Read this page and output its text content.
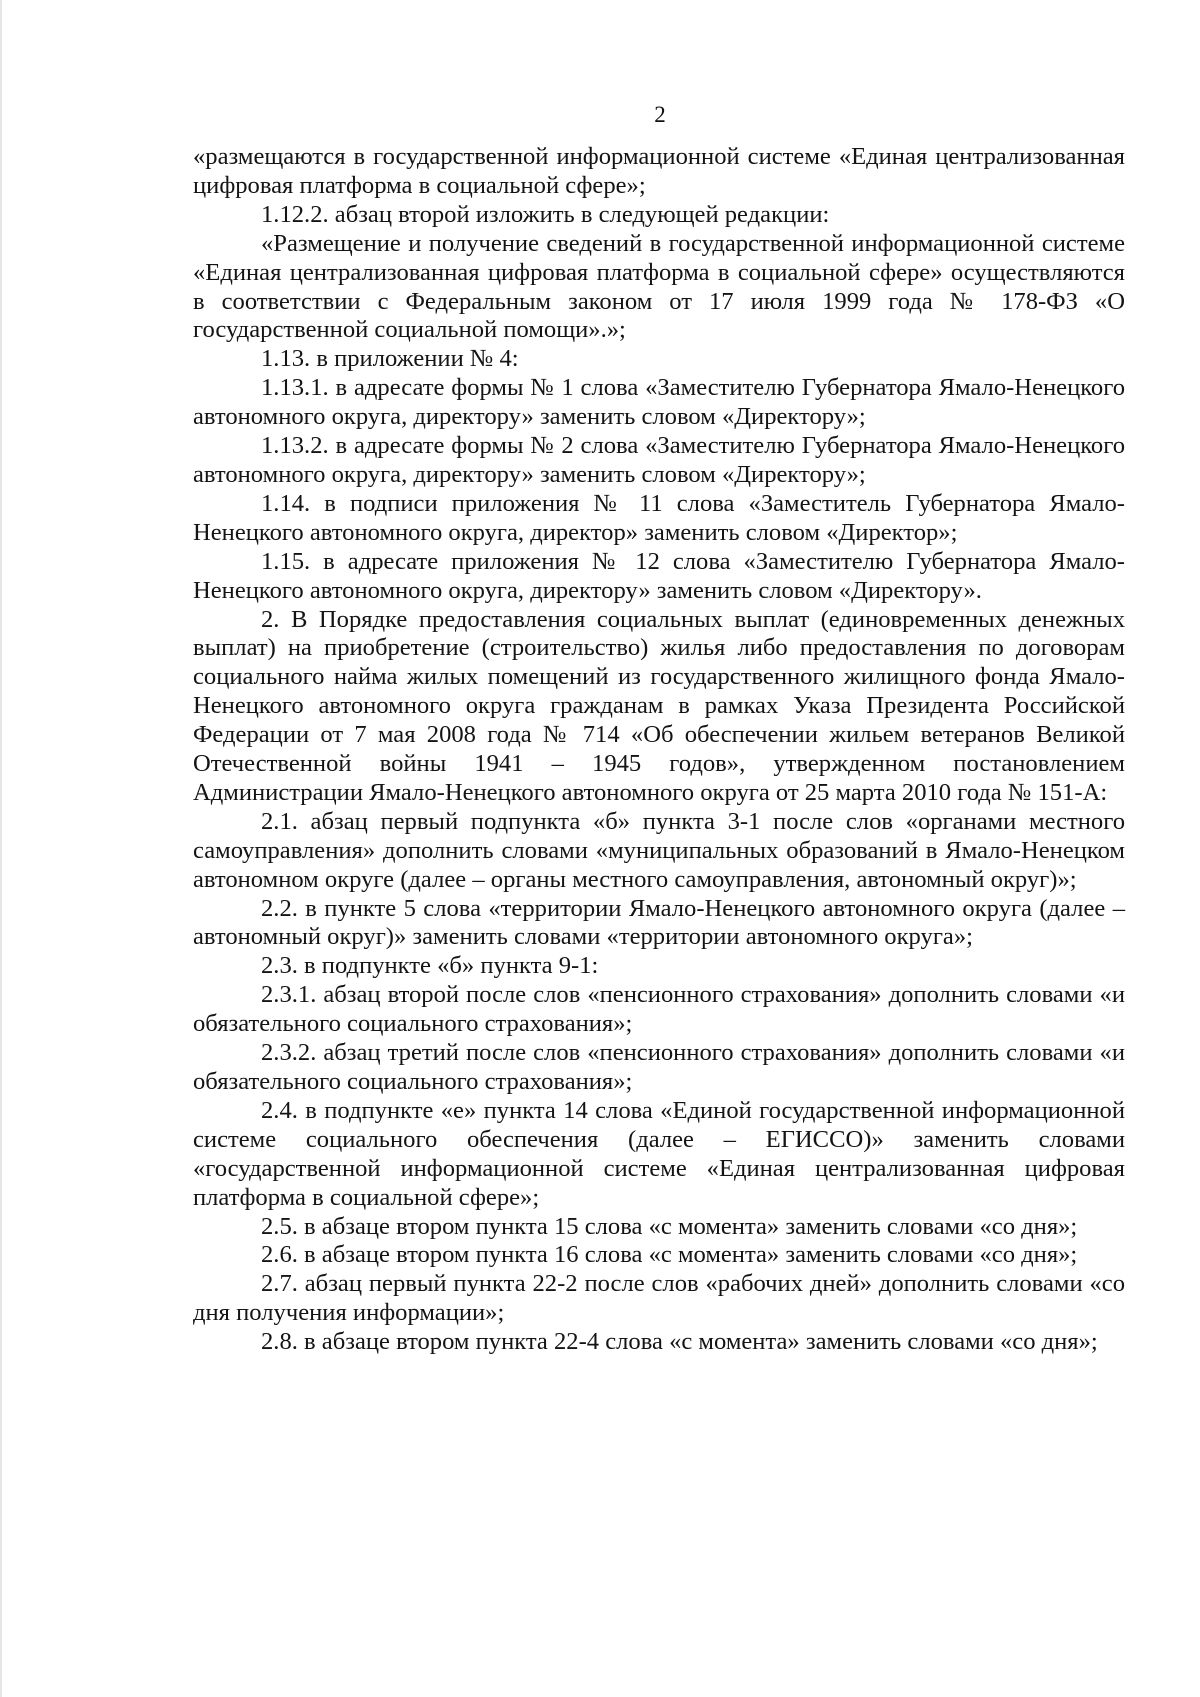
2

«размещаются в государственной информационной системе «Единая централизованная цифровая платформа в социальной сфере»;

1.12.2. абзац второй изложить в следующей редакции:

«Размещение и получение сведений в государственной информационной системе «Единая централизованная цифровая платформа в социальной сфере» осуществляются в соответствии с Федеральным законом от 17 июля 1999 года № 178-ФЗ «О государственной социальной помощи».»;

1.13. в приложении № 4:

1.13.1. в адресате формы № 1 слова «Заместителю Губернатора Ямало-Ненецкого автономного округа, директору» заменить словом «Директору»;

1.13.2. в адресате формы № 2 слова «Заместителю Губернатора Ямало-Ненецкого автономного округа, директору» заменить словом «Директору»;

1.14. в подписи приложения № 11 слова «Заместитель Губернатора Ямало-Ненецкого автономного округа, директор» заменить словом «Директор»;

1.15. в адресате приложения № 12 слова «Заместителю Губернатора Ямало-Ненецкого автономного округа, директору» заменить словом «Директору».

2. В Порядке предоставления социальных выплат (единовременных денежных выплат) на приобретение (строительство) жилья либо предоставления по договорам социального найма жилых помещений из государственного жилищного фонда Ямало-Ненецкого автономного округа гражданам в рамках Указа Президента Российской Федерации от 7 мая 2008 года № 714 «Об обеспечении жильем ветеранов Великой Отечественной войны 1941 – 1945 годов», утвержденном постановлением Администрации Ямало-Ненецкого автономного округа от 25 марта 2010 года № 151-А:

2.1. абзац первый подпункта «б» пункта 3-1 после слов «органами местного самоуправления» дополнить словами «муниципальных образований в Ямало-Ненецком автономном округе (далее – органы местного самоуправления, автономный округ)»;

2.2. в пункте 5 слова «территории Ямало-Ненецкого автономного округа (далее – автономный округ)» заменить словами «территории автономного округа»;

2.3. в подпункте «б» пункта 9-1:

2.3.1. абзац второй после слов «пенсионного страхования» дополнить словами «и обязательного социального страхования»;

2.3.2. абзац третий после слов «пенсионного страхования» дополнить словами «и обязательного социального страхования»;

2.4. в подпункте «е» пункта 14 слова «Единой государственной информационной системе социального обеспечения (далее – ЕГИССО)» заменить словами «государственной информационной системе «Единая централизованная цифровая платформа в социальной сфере»;

2.5. в абзаце втором пункта 15 слова «с момента» заменить словами «со дня»;

2.6. в абзаце втором пункта 16 слова «с момента» заменить словами «со дня»;

2.7. абзац первый пункта 22-2 после слов «рабочих дней» дополнить словами «со дня получения информации»;

2.8. в абзаце втором пункта 22-4 слова «с момента» заменить словами «со дня»;
